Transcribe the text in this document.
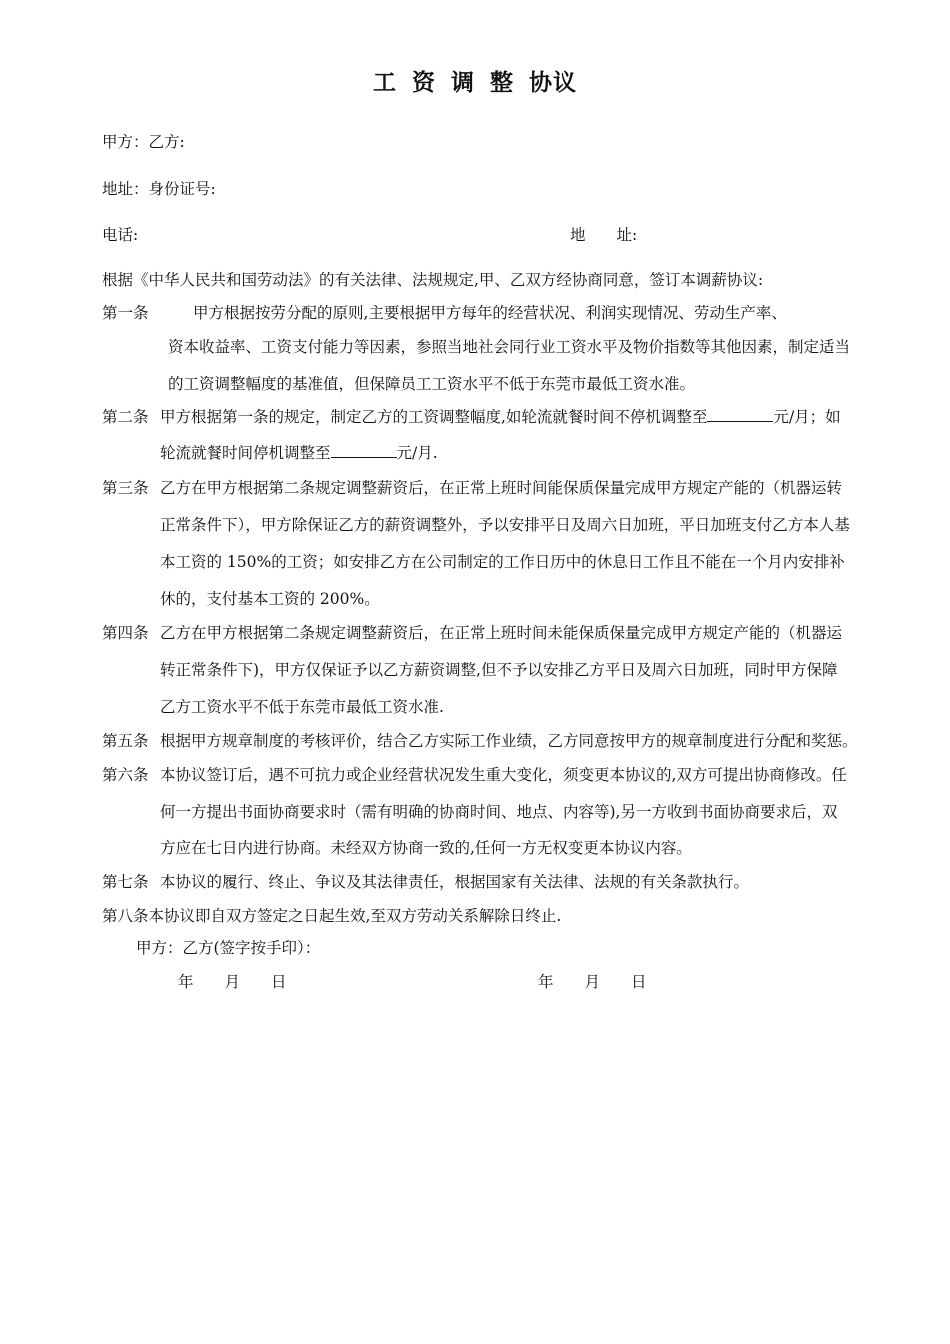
工 资 调 整 协议
甲方：乙方:
地址：身份证号:
电话:	地　　址:
根据《中华人民共和国劳动法》的有关法律、法规规定,甲、乙双方经协商同意，签订本调薪协议:
第一条	甲方根据按劳分配的原则,主要根据甲方每年的经营状况、利润实现情况、劳动生产率、
资本收益率、工资支付能力等因素，参照当地社会同行业工资水平及物价指数等其他因素，制定适当
的工资调整幅度的基准值，但保障员工工资水平不低于东莞市最低工资水准。
第二条 甲方根据第一条的规定，制定乙方的工资调整幅度,如轮流就餐时间不停机调整至	元/月；如
轮流就餐时间停机调整至	元/月.
第三条 乙方在甲方根据第二条规定调整薪资后，在正常上班时间能保质保量完成甲方规定产能的（机器运转
正常条件下），甲方除保证乙方的薪资调整外，予以安排平日及周六日加班，平日加班支付乙方本人基
本工资的 150%的工资；如安排乙方在公司制定的工作日历中的休息日工作且不能在一个月内安排补
休的，支付基本工资的 200%。
第四条 乙方在甲方根据第二条规定调整薪资后，在正常上班时间未能保质保量完成甲方规定产能的（机器运
转正常条件下)，甲方仅保证予以乙方薪资调整,但不予以安排乙方平日及周六日加班，同时甲方保障
乙方工资水平不低于东莞市最低工资水准.
第五条 根据甲方规章制度的考核评价，结合乙方实际工作业绩，乙方同意按甲方的规章制度进行分配和奖惩。
第六条 本协议签订后，遇不可抗力或企业经营状况发生重大变化，须变更本协议的,双方可提出协商修改。任
何一方提出书面协商要求时（需有明确的协商时间、地点、内容等),另一方收到书面协商要求后，双
方应在七日内进行协商。未经双方协商一致的,任何一方无权变更本协议内容。
第七条 本协议的履行、终止、争议及其法律责任，根据国家有关法律、法规的有关条款执行。
第八条本协议即自双方签定之日起生效,至双方劳动关系解除日终止.
甲方：乙方(签字按手印）：
年　　月　　日	年　　月　　日
